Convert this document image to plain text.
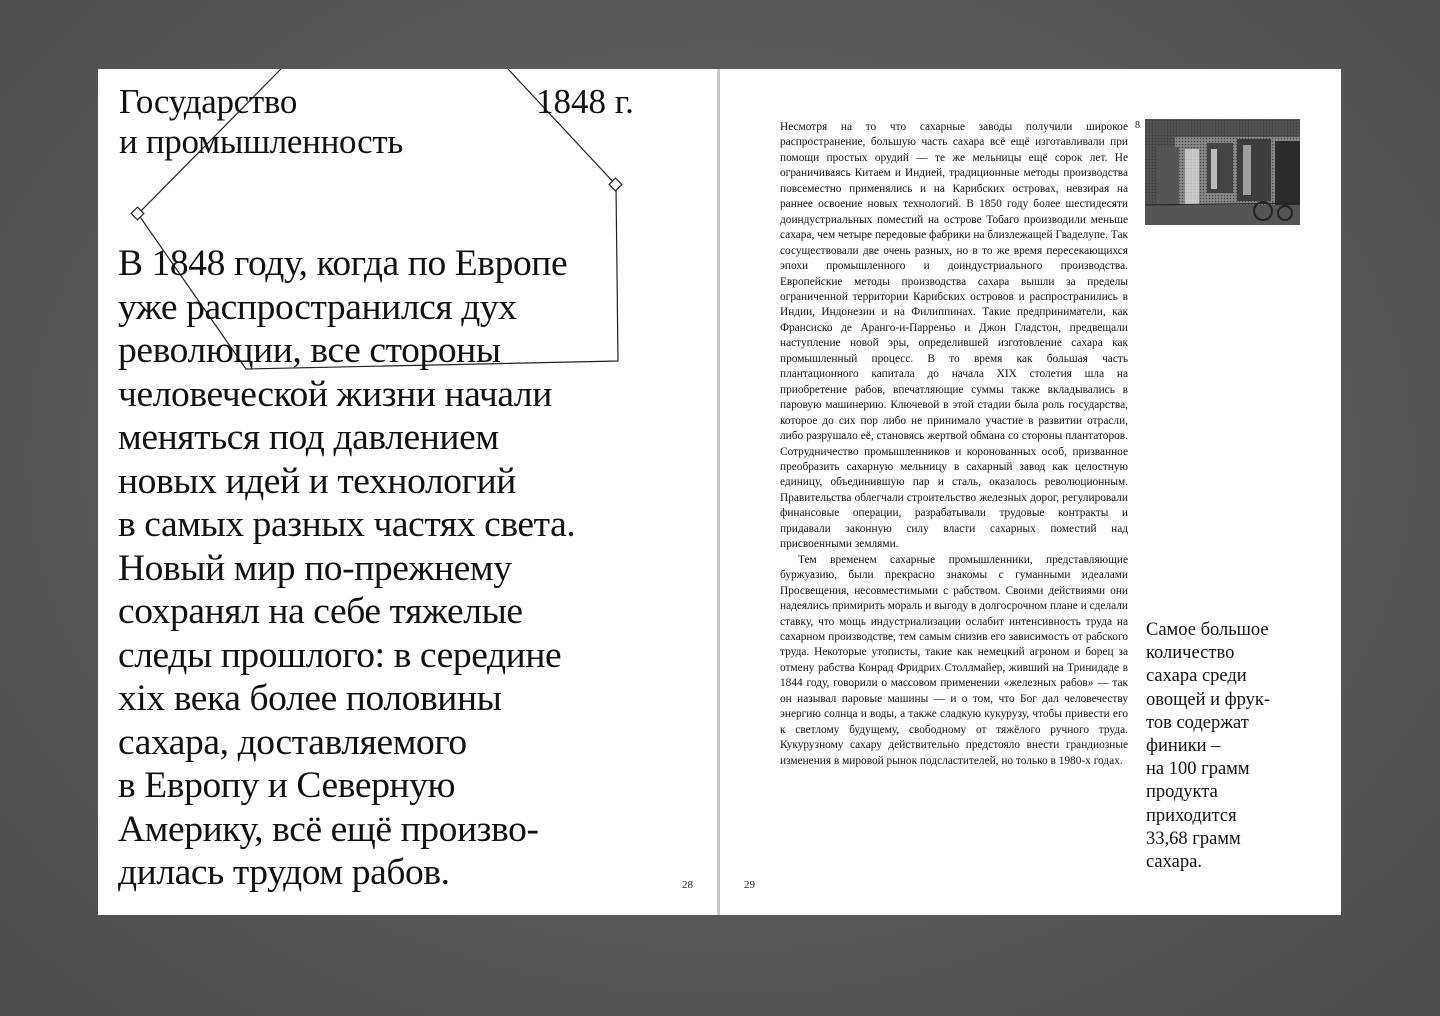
Государство
и промышленность
1848 г.

В 1848 году, когда по Европе
уже распространился дух
революции, все стороны
человеческой жизни начали
меняться под давлением
новых идей и технологий
в самых разных частях света.
Новый мир по-прежнему
сохранял на себе тяжелые
следы прошлого: в середине
xix века более половины
сахара, доставляемого
в Европу и Северную
Америку, всё ещё произво-
дилась трудом рабов.	28

Несмотря на то что сахарные заводы получили широкое распространение, большую часть сахара всё ещё изготавливали при помощи простых орудий — те же мельницы ещё сорок лет. Не ограничиваясь Китаем и Индией, традиционные методы производства повсеместно применялись и на Карибских островах, невзирая на раннее освоение новых технологий. В 1850 году более шестидесяти доиндустриальных поместий на острове Тобаго производили меньше сахара, чем четыре передовые фабрики на близлежащей Гваделупе. Так сосуществовали две очень разных, но в то же время пересекающихся эпохи промышленного и доиндустриального производства. Европейские методы производства сахара вышли за пределы ограниченной территории Карибских островов и распространились в Индии, Индонезии и на Филиппинах. Такие предприниматели, как Франсиско де Аранго-и-Парреньо и Джон Гладстон, предвещали наступление новой эры, определившей изготовление сахара как промышленный процесс. В то время как большая часть плантационного капитала до начала XIX столетия шла на приобретение рабов, впечатляющие суммы также вкладывались в паровую машинерию. Ключевой в этой стадии была роль государства, которое до сих пор либо не принимало участие в развитии отрасли, либо разрушало её, становясь жертвой обмана со стороны плантаторов. Сотрудничество промышленников и коронованных особ, призванное преобразить сахарную мельницу в сахарный завод как целостную единицу, объединившую пар и сталь, оказалось революционным. Правительства облегчали строительство железных дорог, регулировали финансовые операции, разрабатывали трудовые контракты и придавали законную силу власти сахарных поместий над присвоенными землями.

Тем временем сахарные промышленники, представляющие буржуазию, были прекрасно знакомы с гуманными идеалами Просвещения, несовместимыми с рабством. Своими действиями они надеялись примирить мораль и выгоду в долгосрочном плане и сделали ставку, что мощь индустриализации ослабит интенсивность труда на сахарном производстве, тем самым снизив его зависимость от рабского труда. Некоторые утописты, такие как немецкий агроном и борец за отмену рабства Конрад Фридрих Столлмайер, живший на Тринидаде в 1844 году, говорили о массовом применении «железных рабов» — так он называл паровые машины — и о том, что Бог дал человечеству энергию солнца и воды, а также сладкую кукурузу, чтобы привести его к светлому будущему, свободному от тяжёлого ручного труда. Кукурузному сахару действительно предстояло внести грандиозные изменения в мировой рынок подсластителей, но только в 1980-х годах.

8
Самое большое
количество
сахара среди
овощей и фрук-
тов содержат
финики –
на 100 грамм
продукта
приходится
33,68 грамм
сахара.
29
